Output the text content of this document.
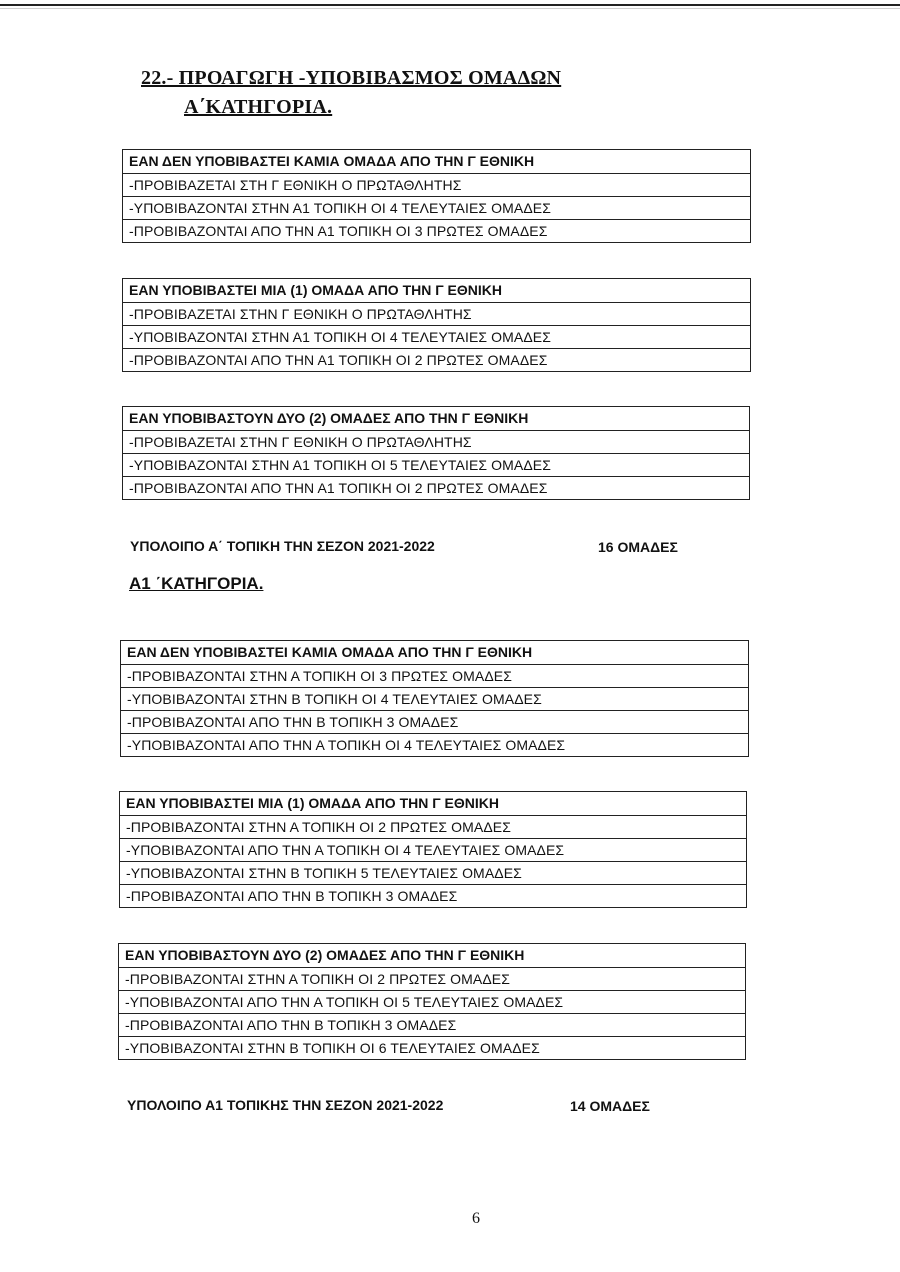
22.- ΠΡΟΑΓΩΓΗ -ΥΠΟΒΙΒΑΣΜΟΣ ΟΜΑΔΩΝ
Α΄ΚΑΤΗΓΟΡΙΑ.
ΕΑΝ ΔΕΝ ΥΠΟΒΙΒΑΣΤΕΙ ΚΑΜΙΑ ΟΜΑΔΑ ΑΠΟ ΤΗΝ Γ ΕΘΝΙΚΗ
-ΠΡΟΒΙΒΑΖΕΤΑΙ ΣΤΗ Γ ΕΘΝΙΚΗ Ο ΠΡΩΤΑΘΛΗΤΗΣ
-ΥΠΟΒΙΒΑΖΟΝΤΑΙ ΣΤΗΝ Α1 ΤΟΠΙΚΗ ΟΙ 4 ΤΕΛΕΥΤΑΙΕΣ ΟΜΑΔΕΣ
-ΠΡΟΒΙΒΑΖΟΝΤΑΙ ΑΠΟ ΤΗΝ Α1 ΤΟΠΙΚΗ ΟΙ 3 ΠΡΩΤΕΣ ΟΜΑΔΕΣ
ΕΑΝ ΥΠΟΒΙΒΑΣΤΕΙ ΜΙΑ (1) ΟΜΑΔΑ ΑΠΟ ΤΗΝ Γ ΕΘΝΙΚΗ
-ΠΡΟΒΙΒΑΖΕΤΑΙ ΣΤΗΝ Γ ΕΘΝΙΚΗ Ο ΠΡΩΤΑΘΛΗΤΗΣ
-ΥΠΟΒΙΒΑΖΟΝΤΑΙ ΣΤΗΝ Α1 ΤΟΠΙΚΗ ΟΙ 4 ΤΕΛΕΥΤΑΙΕΣ ΟΜΑΔΕΣ
-ΠΡΟΒΙΒΑΖΟΝΤΑΙ ΑΠΟ ΤΗΝ Α1 ΤΟΠΙΚΗ ΟΙ 2 ΠΡΩΤΕΣ ΟΜΑΔΕΣ
ΕΑΝ ΥΠΟΒΙΒΑΣΤΟΥΝ ΔΥΟ (2) ΟΜΑΔΕΣ ΑΠΟ ΤΗΝ Γ ΕΘΝΙΚΗ
-ΠΡΟΒΙΒΑΖΕΤΑΙ ΣΤΗΝ Γ ΕΘΝΙΚΗ Ο ΠΡΩΤΑΘΛΗΤΗΣ
-ΥΠΟΒΙΒΑΖΟΝΤΑΙ ΣΤΗΝ Α1 ΤΟΠΙΚΗ ΟΙ 5 ΤΕΛΕΥΤΑΙΕΣ ΟΜΑΔΕΣ
-ΠΡΟΒΙΒΑΖΟΝΤΑΙ ΑΠΟ ΤΗΝ Α1 ΤΟΠΙΚΗ ΟΙ 2 ΠΡΩΤΕΣ ΟΜΑΔΕΣ
ΥΠΟΛΟΙΠΟ Α΄ ΤΟΠΙΚΗ ΤΗΝ ΣΕΖΟΝ 2021-2022	16 ΟΜΑΔΕΣ
Α1 ΄ΚΑΤΗΓΟΡΙΑ.
ΕΑΝ ΔΕΝ ΥΠΟΒΙΒΑΣΤΕΙ ΚΑΜΙΑ ΟΜΑΔΑ ΑΠΟ ΤΗΝ Γ ΕΘΝΙΚΗ
-ΠΡΟΒΙΒΑΖΟΝΤΑΙ ΣΤΗΝ Α ΤΟΠΙΚΗ ΟΙ 3 ΠΡΩΤΕΣ ΟΜΑΔΕΣ
-ΥΠΟΒΙΒΑΖΟΝΤΑΙ ΣΤΗΝ Β ΤΟΠΙΚΗ ΟΙ 4 ΤΕΛΕΥΤΑΙΕΣ ΟΜΑΔΕΣ
-ΠΡΟΒΙΒΑΖΟΝΤΑΙ ΑΠΟ ΤΗΝ Β ΤΟΠΙΚΗ 3 ΟΜΑΔΕΣ
-ΥΠΟΒΙΒΑΖΟΝΤΑΙ ΑΠΟ ΤΗΝ Α ΤΟΠΙΚΗ ΟΙ 4 ΤΕΛΕΥΤΑΙΕΣ ΟΜΑΔΕΣ
ΕΑΝ ΥΠΟΒΙΒΑΣΤΕΙ ΜΙΑ (1) ΟΜΑΔΑ ΑΠΟ ΤΗΝ Γ ΕΘΝΙΚΗ
-ΠΡΟΒΙΒΑΖΟΝΤΑΙ ΣΤΗΝ Α ΤΟΠΙΚΗ ΟΙ 2 ΠΡΩΤΕΣ ΟΜΑΔΕΣ
-ΥΠΟΒΙΒΑΖΟΝΤΑΙ ΑΠΟ ΤΗΝ Α ΤΟΠΙΚΗ ΟΙ 4 ΤΕΛΕΥΤΑΙΕΣ ΟΜΑΔΕΣ
-ΥΠΟΒΙΒΑΖΟΝΤΑΙ ΣΤΗΝ Β ΤΟΠΙΚΗ 5 ΤΕΛΕΥΤΑΙΕΣ ΟΜΑΔΕΣ
-ΠΡΟΒΙΒΑΖΟΝΤΑΙ ΑΠΟ ΤΗΝ Β ΤΟΠΙΚΗ 3 ΟΜΑΔΕΣ
ΕΑΝ ΥΠΟΒΙΒΑΣΤΟΥΝ ΔΥΟ (2) ΟΜΑΔΕΣ ΑΠΟ ΤΗΝ Γ ΕΘΝΙΚΗ
-ΠΡΟΒΙΒΑΖΟΝΤΑΙ ΣΤΗΝ Α ΤΟΠΙΚΗ ΟΙ 2 ΠΡΩΤΕΣ ΟΜΑΔΕΣ
-ΥΠΟΒΙΒΑΖΟΝΤΑΙ ΑΠΟ ΤΗΝ Α ΤΟΠΙΚΗ ΟΙ 5 ΤΕΛΕΥΤΑΙΕΣ ΟΜΑΔΕΣ
-ΠΡΟΒΙΒΑΖΟΝΤΑΙ ΑΠΟ ΤΗΝ Β ΤΟΠΙΚΗ 3 ΟΜΑΔΕΣ
-ΥΠΟΒΙΒΑΖΟΝΤΑΙ ΣΤΗΝ Β ΤΟΠΙΚΗ ΟΙ 6 ΤΕΛΕΥΤΑΙΕΣ ΟΜΑΔΕΣ
ΥΠΟΛΟΙΠΟ Α1 ΤΟΠΙΚΗΣ ΤΗΝ ΣΕΖΟΝ 2021-2022	14 ΟΜΑΔΕΣ
6
